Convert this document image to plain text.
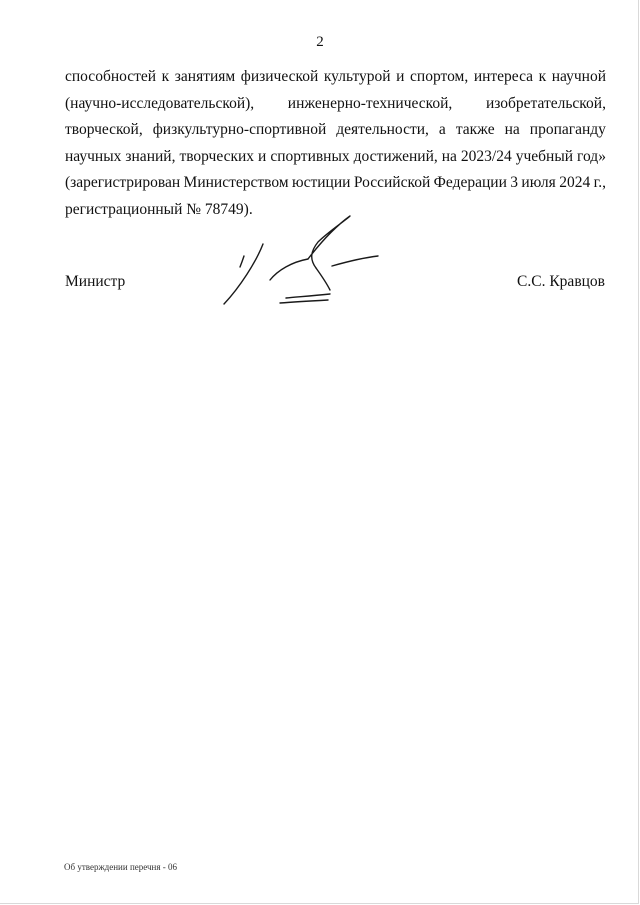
2
способностей к занятиям физической культурой и спортом, интереса к научной
(научно-исследовательской), инженерно-технической, изобретательской,
творческой, физкультурно-спортивной деятельности, а также на пропаганду
научных знаний, творческих и спортивных достижений, на 2023/24 учебный год»
(зарегистрирован Министерством юстиции Российской Федерации 3 июля 2024 г.,
регистрационный № 78749).
Министр	С.С. Кравцов
Об утверждении перечня - 06
